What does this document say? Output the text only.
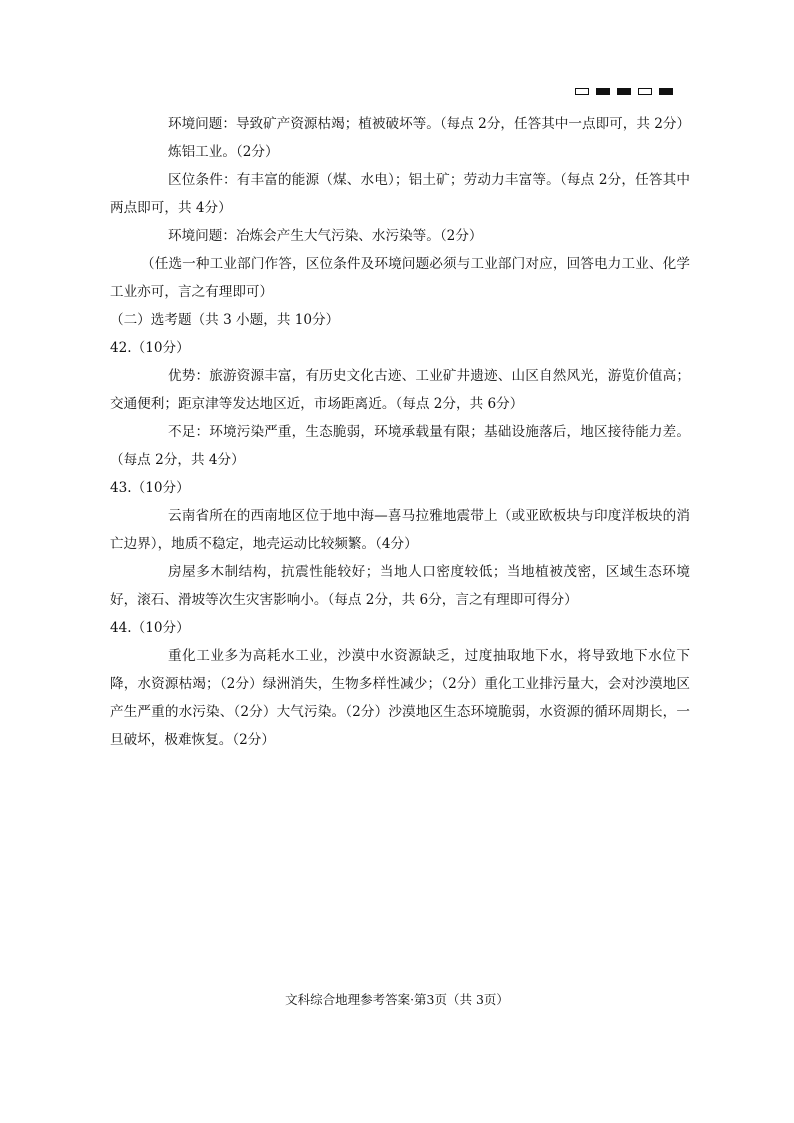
环境问题：导致矿产资源枯竭；植被破坏等。（每点 2分，任答其中一点即可，共 2分）

炼铝工业。（2分）

区位条件：有丰富的能源（煤、水电）；铝土矿；劳动力丰富等。（每点 2分，任答其中两点即可，共 4分）

环境问题：冶炼会产生大气污染、水污染等。（2分）

（任选一种工业部门作答，区位条件及环境问题必须与工业部门对应，回答电力工业、化学工业亦可，言之有理即可）

（二）选考题（共 3 小题，共 10分）

42.（10分）

优势：旅游资源丰富，有历史文化古迹、工业矿井遗迹、山区自然风光，游览价值高；交通便利；距京津等发达地区近，市场距离近。（每点 2分，共 6分）

不足：环境污染严重，生态脆弱，环境承载量有限；基础设施落后，地区接待能力差。（每点 2分，共 4分）

43.（10分）

云南省所在的西南地区位于地中海—喜马拉雅地震带上（或亚欧板块与印度洋板块的消亡边界），地质不稳定，地壳运动比较频繁。（4分）

房屋多木制结构，抗震性能较好；当地人口密度较低；当地植被茂密，区域生态环境好，滚石、滑坡等次生灾害影响小。（每点 2分，共 6分，言之有理即可得分）

44.（10分）

重化工业多为高耗水工业，沙漠中水资源缺乏，过度抽取地下水，将导致地下水位下降，水资源枯竭；（2分）绿洲消失，生物多样性减少；（2分）重化工业排污量大，会对沙漠地区产生严重的水污染、（2分）大气污染。（2分）沙漠地区生态环境脆弱，水资源的循环周期长，一旦破坏，极难恢复。（2分）

文科综合地理参考答案·第3页（共 3页）
